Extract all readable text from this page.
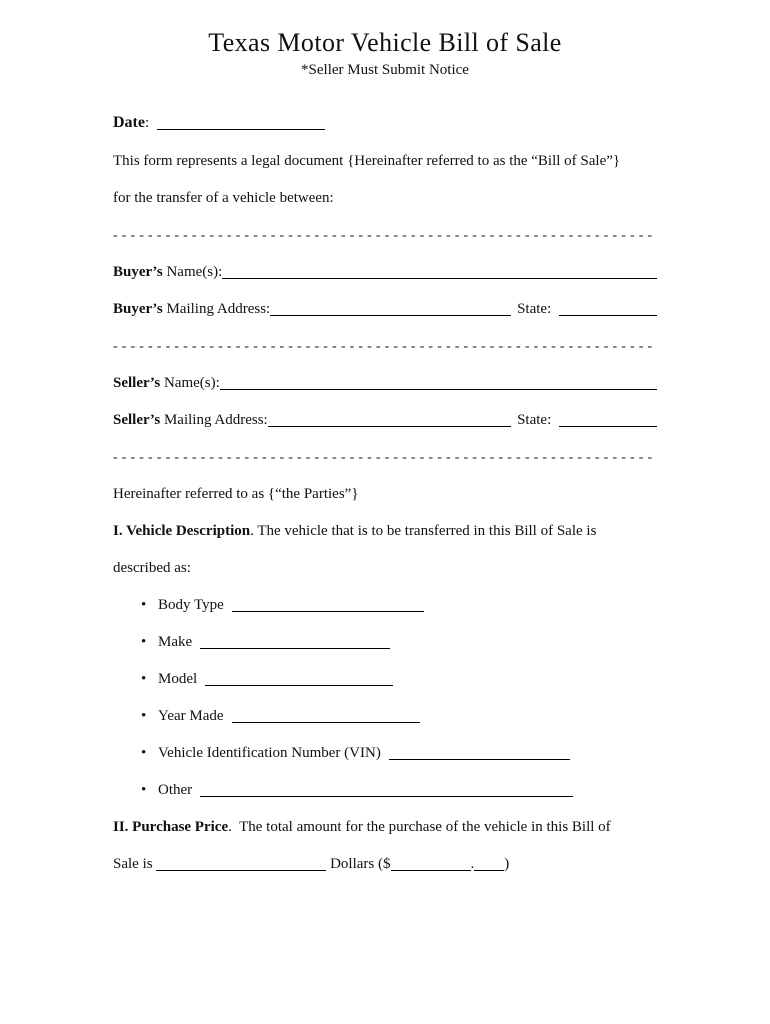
Texas Motor Vehicle Bill of Sale
*Seller Must Submit Notice
Date:
This form represents a legal document {Hereinafter referred to as the “Bill of Sale”}
for the transfer of a vehicle between:
- - - - - - - - - - - - - - - - - - - - - - - - - - - - - - - - - - - - - - - - - - - - - - - - - - - - - - - - - - - - - -
Buyer’s Name(s):
Buyer’s Mailing Address:	State:
- - - - - - - - - - - - - - - - - - - - - - - - - - - - - - - - - - - - - - - - - - - - - - - - - - - - - - - - - - - - - -
Seller’s Name(s):
Seller’s Mailing Address:	State:
- - - - - - - - - - - - - - - - - - - - - - - - - - - - - - - - - - - - - - - - - - - - - - - - - - - - - - - - - - - - - -
Hereinafter referred to as {“the Parties”}
I. Vehicle Description. The vehicle that is to be transferred in this Bill of Sale is
described as:
• Body Type
• Make
• Model
• Year Made
• Vehicle Identification Number (VIN)
• Other
II. Purchase Price.  The total amount for the purchase of the vehicle in this Bill of
Sale is	Dollars ($	. )
